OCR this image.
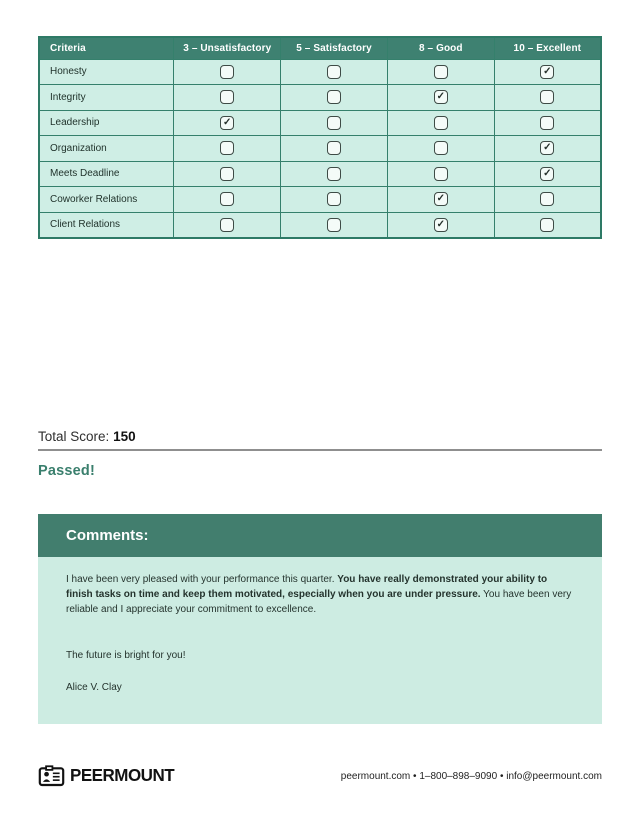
Criteria	3 – Unsatisfactory	5 – Satisfactory	8 – Good	10 – Excellent
Honesty				✓

Integrity			✓	

Leadership	✓			

Organization				✓

Meets Deadline				✓

Coworker Relations			✓	

Client Relations			✓	

Total Score: 150
Passed!
Comments:

I have been very pleased with your performance this quarter. You have really demonstrated your ability to finish tasks on time and keep them motivated, especially when you are under pressure. You have been very reliable and I appreciate your commitment to excellence.

The future is bright for you!

Alice V. Clay

PEERMOUNT	peermount.com • 1–800–898–9090 • info@peermount.com
